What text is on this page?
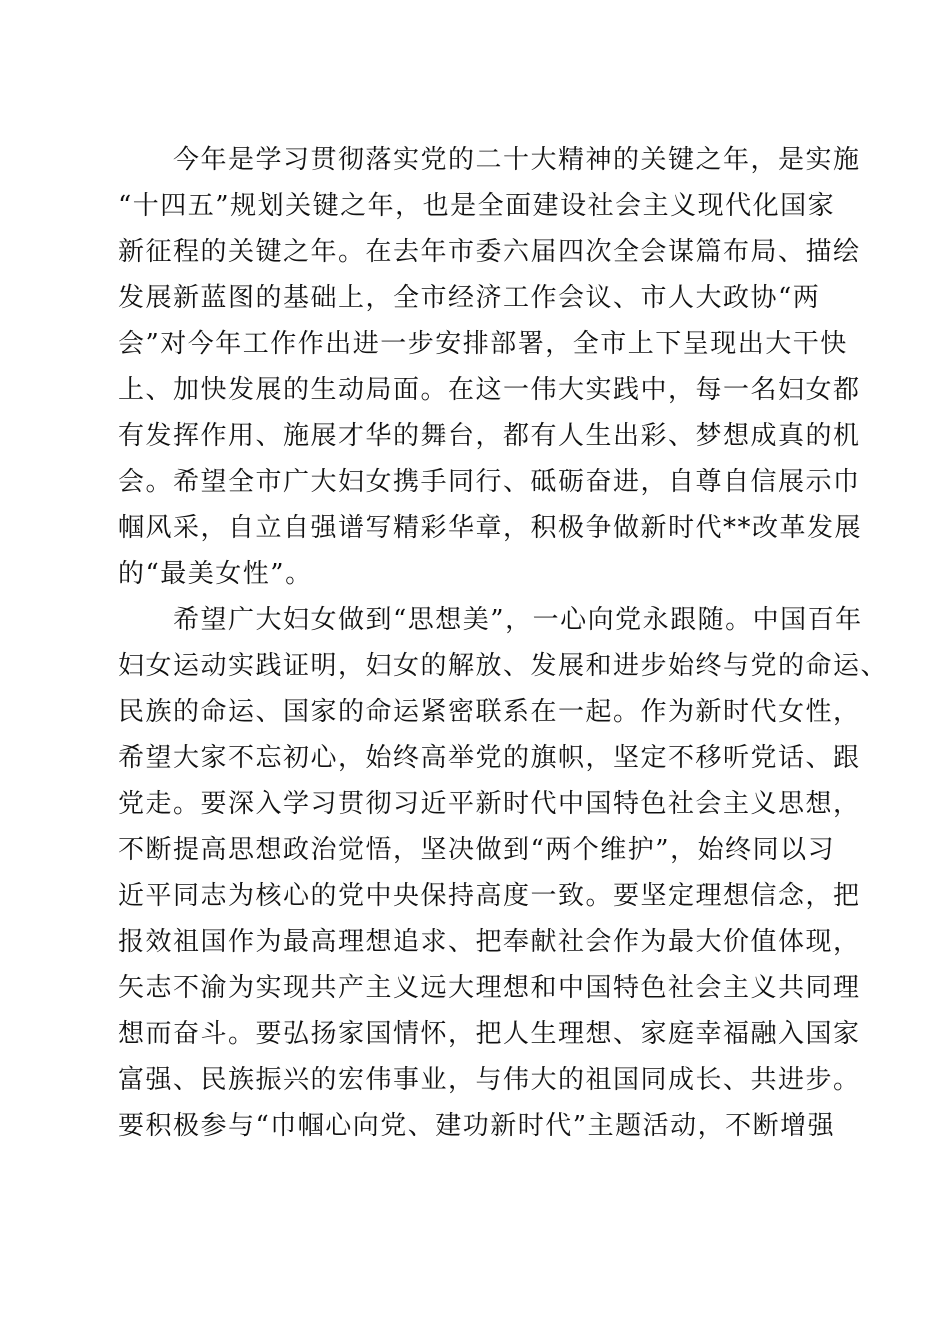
　　今年是学习贯彻落实党的二十大精神的关键之年，是实施
“十四五”规划关键之年，也是全面建设社会主义现代化国家
新征程的关键之年。在去年市委六届四次全会谋篇布局、描绘
发展新蓝图的基础上，全市经济工作会议、市人大政协“两
会”对今年工作作出进一步安排部署，全市上下呈现出大干快
上、加快发展的生动局面。在这一伟大实践中，每一名妇女都
有发挥作用、施展才华的舞台，都有人生出彩、梦想成真的机
会。希望全市广大妇女携手同行、砥砺奋进，自尊自信展示巾
帼风采，自立自强谱写精彩华章，积极争做新时代**改革发展
的“最美女性”。
　　希望广大妇女做到“思想美”，一心向党永跟随。中国百年
妇女运动实践证明，妇女的解放、发展和进步始终与党的命运、
民族的命运、国家的命运紧密联系在一起。作为新时代女性，
希望大家不忘初心，始终高举党的旗帜，坚定不移听党话、跟
党走。要深入学习贯彻习近平新时代中国特色社会主义思想，
不断提高思想政治觉悟，坚决做到“两个维护”，始终同以习
近平同志为核心的党中央保持高度一致。要坚定理想信念，把
报效祖国作为最高理想追求、把奉献社会作为最大价值体现，
矢志不渝为实现共产主义远大理想和中国特色社会主义共同理
想而奋斗。要弘扬家国情怀，把人生理想、家庭幸福融入国家
富强、民族振兴的宏伟事业，与伟大的祖国同成长、共进步。
要积极参与“巾帼心向党、建功新时代”主题活动，不断增强
